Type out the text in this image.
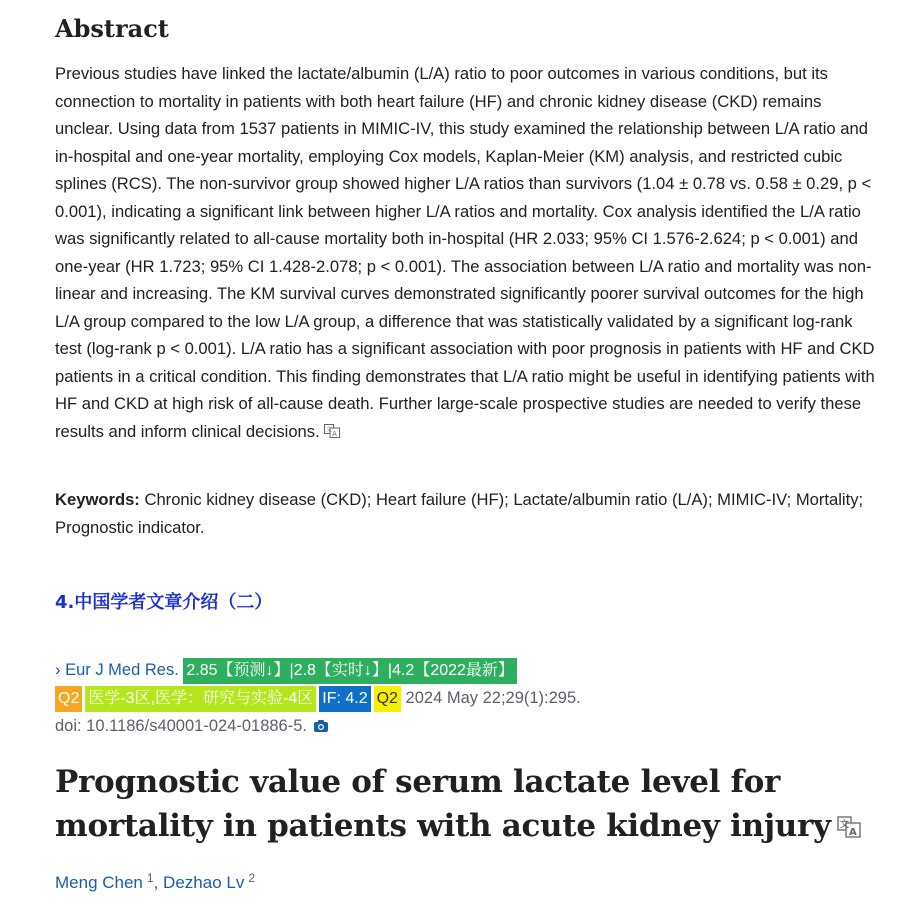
Abstract

Previous studies have linked the lactate/albumin (L/A) ratio to poor outcomes in various conditions, but its connection to mortality in patients with both heart failure (HF) and chronic kidney disease (CKD) remains unclear. Using data from 1537 patients in MIMIC-IV, this study examined the relationship between L/A ratio and in-hospital and one-year mortality, employing Cox models, Kaplan-Meier (KM) analysis, and restricted cubic splines (RCS). The non-survivor group showed higher L/A ratios than survivors (1.04 ± 0.78 vs. 0.58 ± 0.29, p < 0.001), indicating a significant link between higher L/A ratios and mortality. Cox analysis identified the L/A ratio was significantly related to all-cause mortality both in-hospital (HR 2.033; 95% CI 1.576-2.624; p < 0.001) and one-year (HR 1.723; 95% CI 1.428-2.078; p < 0.001). The association between L/A ratio and mortality was non-linear and increasing. The KM survival curves demonstrated significantly poorer survival outcomes for the high L/A group compared to the low L/A group, a difference that was statistically validated by a significant log-rank test (log-rank p < 0.001). L/A ratio has a significant association with poor prognosis in patients with HF and CKD patients in a critical condition. This finding demonstrates that L/A ratio might be useful in identifying patients with HF and CKD at high risk of all-cause death. Further large-scale prospective studies are needed to verify these results and inform clinical decisions. 文 A

Keywords: Chronic kidney disease (CKD); Heart failure (HF); Lactate/albumin ratio (L/A); MIMIC-IV; Mortality; Prognostic indicator.

4.中国学者文章介绍（二）
› Eur J Med Res. 2.85【预测↓】|2.8【实时↓】|4.2【2022最新】
Q2 医学-3区,医学：研究与实验-4区 IF: 4.2 Q2 2024 May 22;29(1):295.
doi: 10.1186/s40001-024-01886-5.
Prognostic value of serum lactate level for mortality in patients with acute kidney injury 文
A
Meng Chen $^1$, Dezhao Lv $^2$
